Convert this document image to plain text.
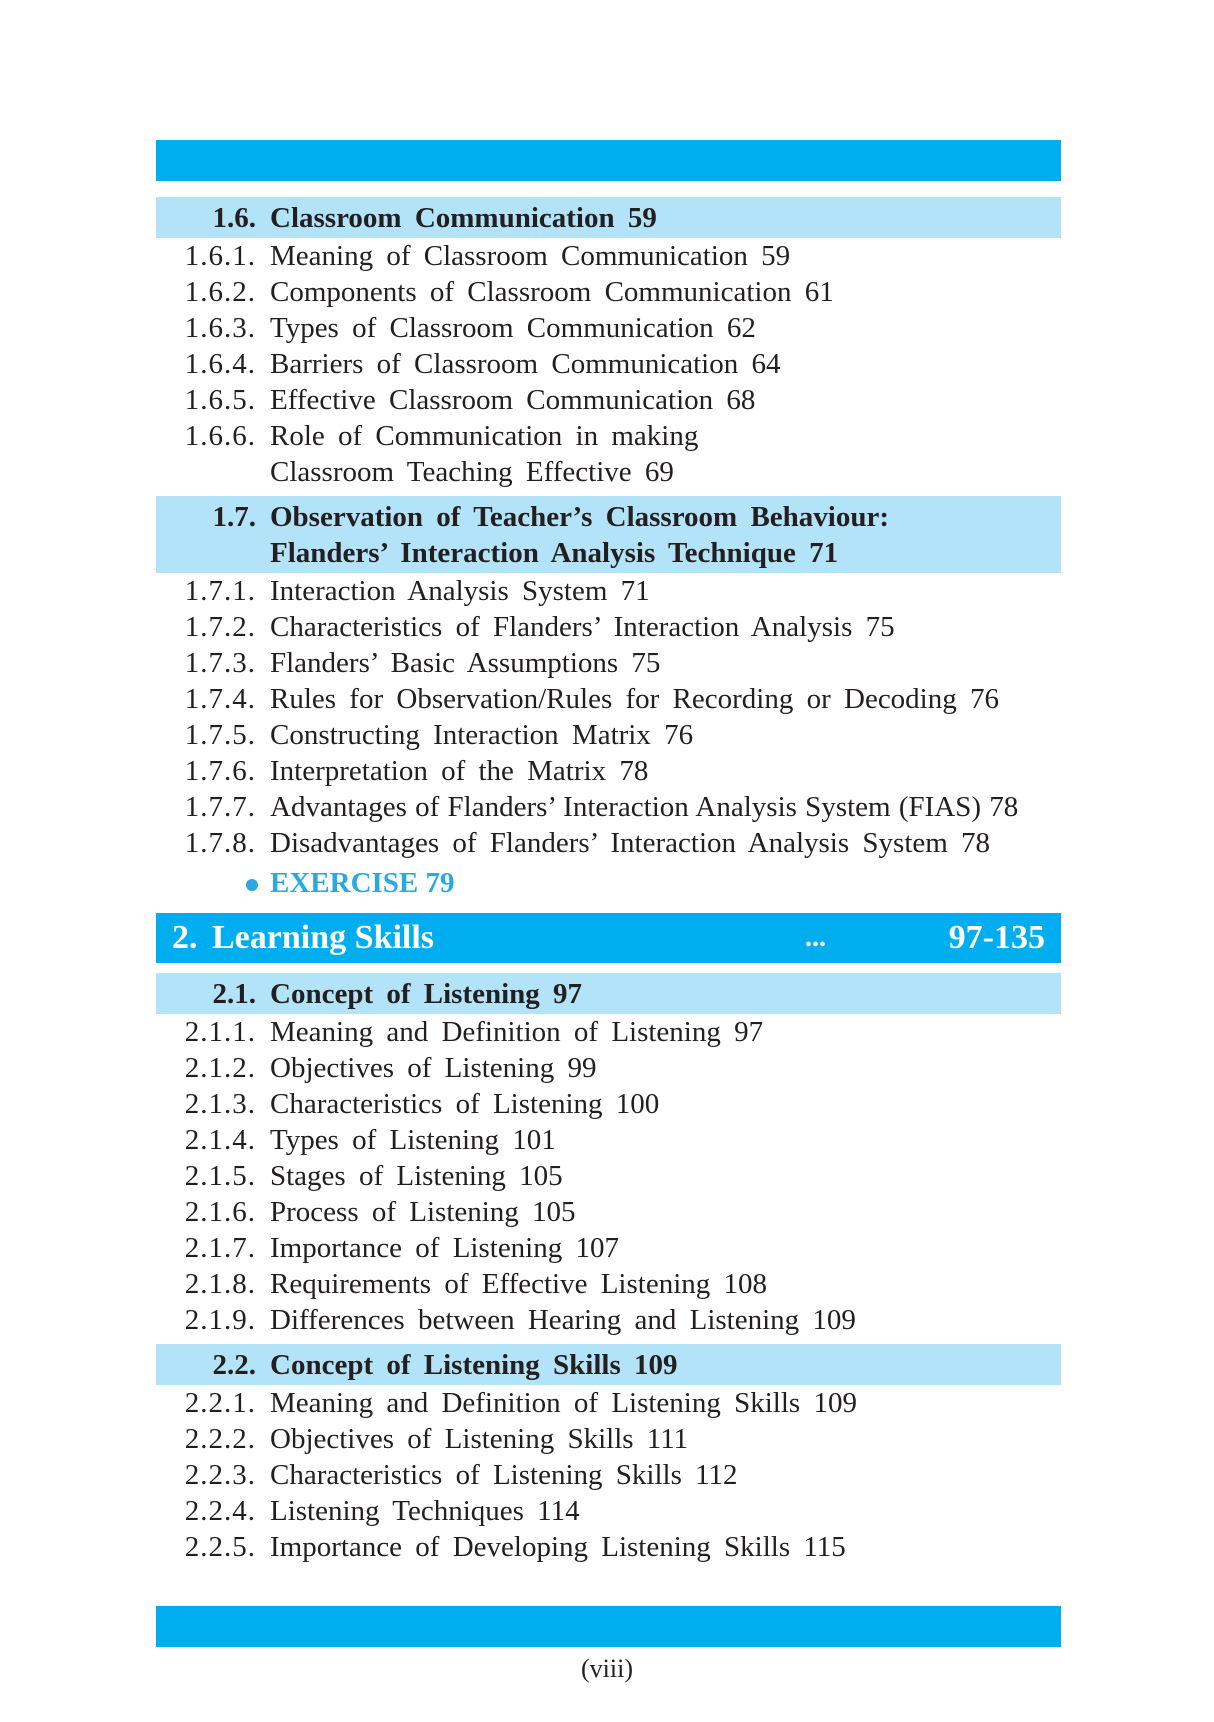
1.6. Classroom Communication 59
1.6.1. Meaning of Classroom Communication 59
1.6.2. Components of Classroom Communication 61
1.6.3. Types of Classroom Communication 62
1.6.4. Barriers of Classroom Communication 64
1.6.5. Effective Classroom Communication 68
1.6.6. Role of Communication in making
Classroom Teaching Effective 69
1.7. Observation of Teacher’s Classroom Behaviour:
Flanders’ Interaction Analysis Technique 71
1.7.1. Interaction Analysis System 71
1.7.2. Characteristics of Flanders’ Interaction Analysis 75
1.7.3. Flanders’ Basic Assumptions 75
1.7.4. Rules for Observation/Rules for Recording or Decoding 76
1.7.5. Constructing Interaction Matrix 76
1.7.6. Interpretation of the Matrix 78
1.7.7. Advantages of Flanders’ Interaction Analysis System (FIAS) 78
1.7.8. Disadvantages of Flanders’ Interaction Analysis System 78
EXERCISE 79
2. Learning Skills	...	97-135
2.1. Concept of Listening 97
2.1.1. Meaning and Definition of Listening 97
2.1.2. Objectives of Listening 99
2.1.3. Characteristics of Listening 100
2.1.4. Types of Listening 101
2.1.5. Stages of Listening 105
2.1.6. Process of Listening 105
2.1.7. Importance of Listening 107
2.1.8. Requirements of Effective Listening 108
2.1.9. Differences between Hearing and Listening 109
2.2. Concept of Listening Skills 109
2.2.1. Meaning and Definition of Listening Skills 109
2.2.2. Objectives of Listening Skills 111
2.2.3. Characteristics of Listening Skills 112
2.2.4. Listening Techniques 114
2.2.5. Importance of Developing Listening Skills 115
(viii)
